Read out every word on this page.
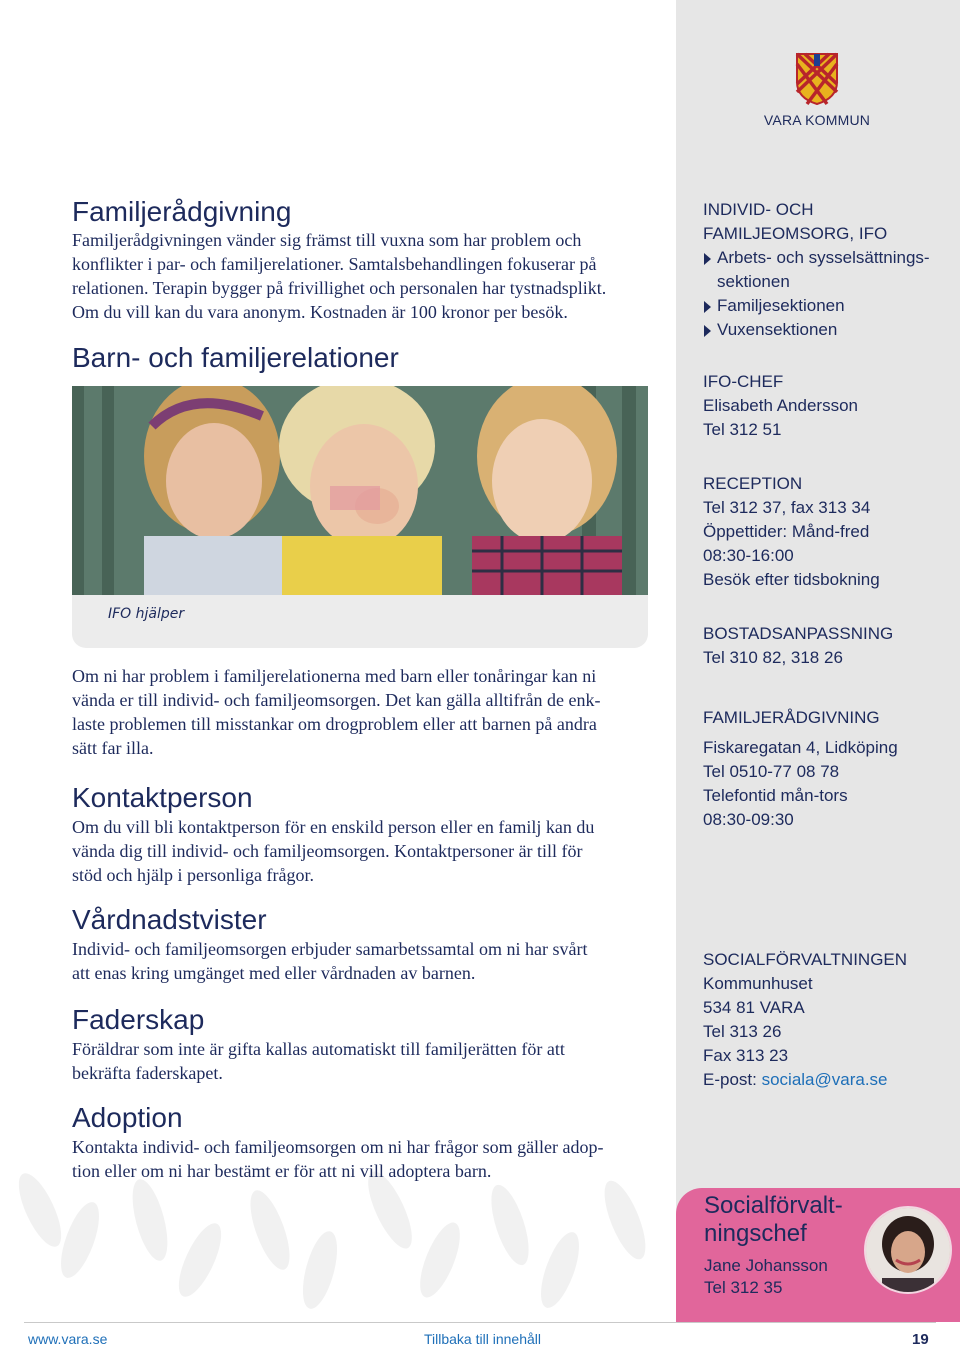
VARA KOMMUN
INDIVID- OCH
FAMILJEOMSORG, IFO
Arbets- och sysselsättnings-
sektionen
Familjesektionen
Vuxensektionen
IFO-CHEF
Elisabeth Andersson
Tel 312 51
RECEPTION
Tel 312 37, fax 313 34
Öppettider: Månd-fred
08:30-16:00
Besök efter tidsbokning
BOSTADSANPASSNING
Tel 310 82, 318 26
FAMILJERÅDGIVNING
Fiskaregatan 4, Lidköping
Tel 0510-77 08 78
Telefontid mån-tors
08:30-09:30
SOCIALFÖRVALTNINGEN
Kommunhuset
534 81 VARA
Tel 313 26
Fax 313 23
E-post: sociala@vara.se
Socialförvalt-
ningschef
Jane Johansson
Tel 312 35
Familjerådgivning
Familjerådgivningen vänder sig främst till vuxna som har problem och
konflikter i par- och familjerelationer. Samtalsbehandlingen fokuserar på
relationen. Terapin bygger på frivillighet och personalen har tystnadsplikt.
Om du vill kan du vara anonym. Kostnaden är 100 kronor per besök.
Barn- och familjerelationer
IFO hjälper
Om ni har problem i familjerelationerna med barn eller tonåringar kan ni
vända er till individ- och familjeomsorgen. Det kan gälla alltifrån de enk-
laste problemen till misstankar om drogproblem eller att barnen på andra
sätt far illa.
Kontaktperson
Om du vill bli kontaktperson för en enskild person eller en familj kan du
vända dig till individ- och familjeomsorgen. Kontaktpersoner är till för
stöd och hjälp i personliga frågor.
Vårdnadstvister
Individ- och familjeomsorgen erbjuder samarbetssamtal om ni har svårt
att enas kring umgänget med eller vårdnaden av barnen.
Faderskap
Föräldrar som inte är gifta kallas automatiskt till familjerätten för att
bekräfta faderskapet.
Adoption
Kontakta individ- och familjeomsorgen om ni har frågor som gäller adop-
tion eller om ni har bestämt er för att ni vill adoptera barn.
www.vara.se	Tillbaka till innehåll	19
